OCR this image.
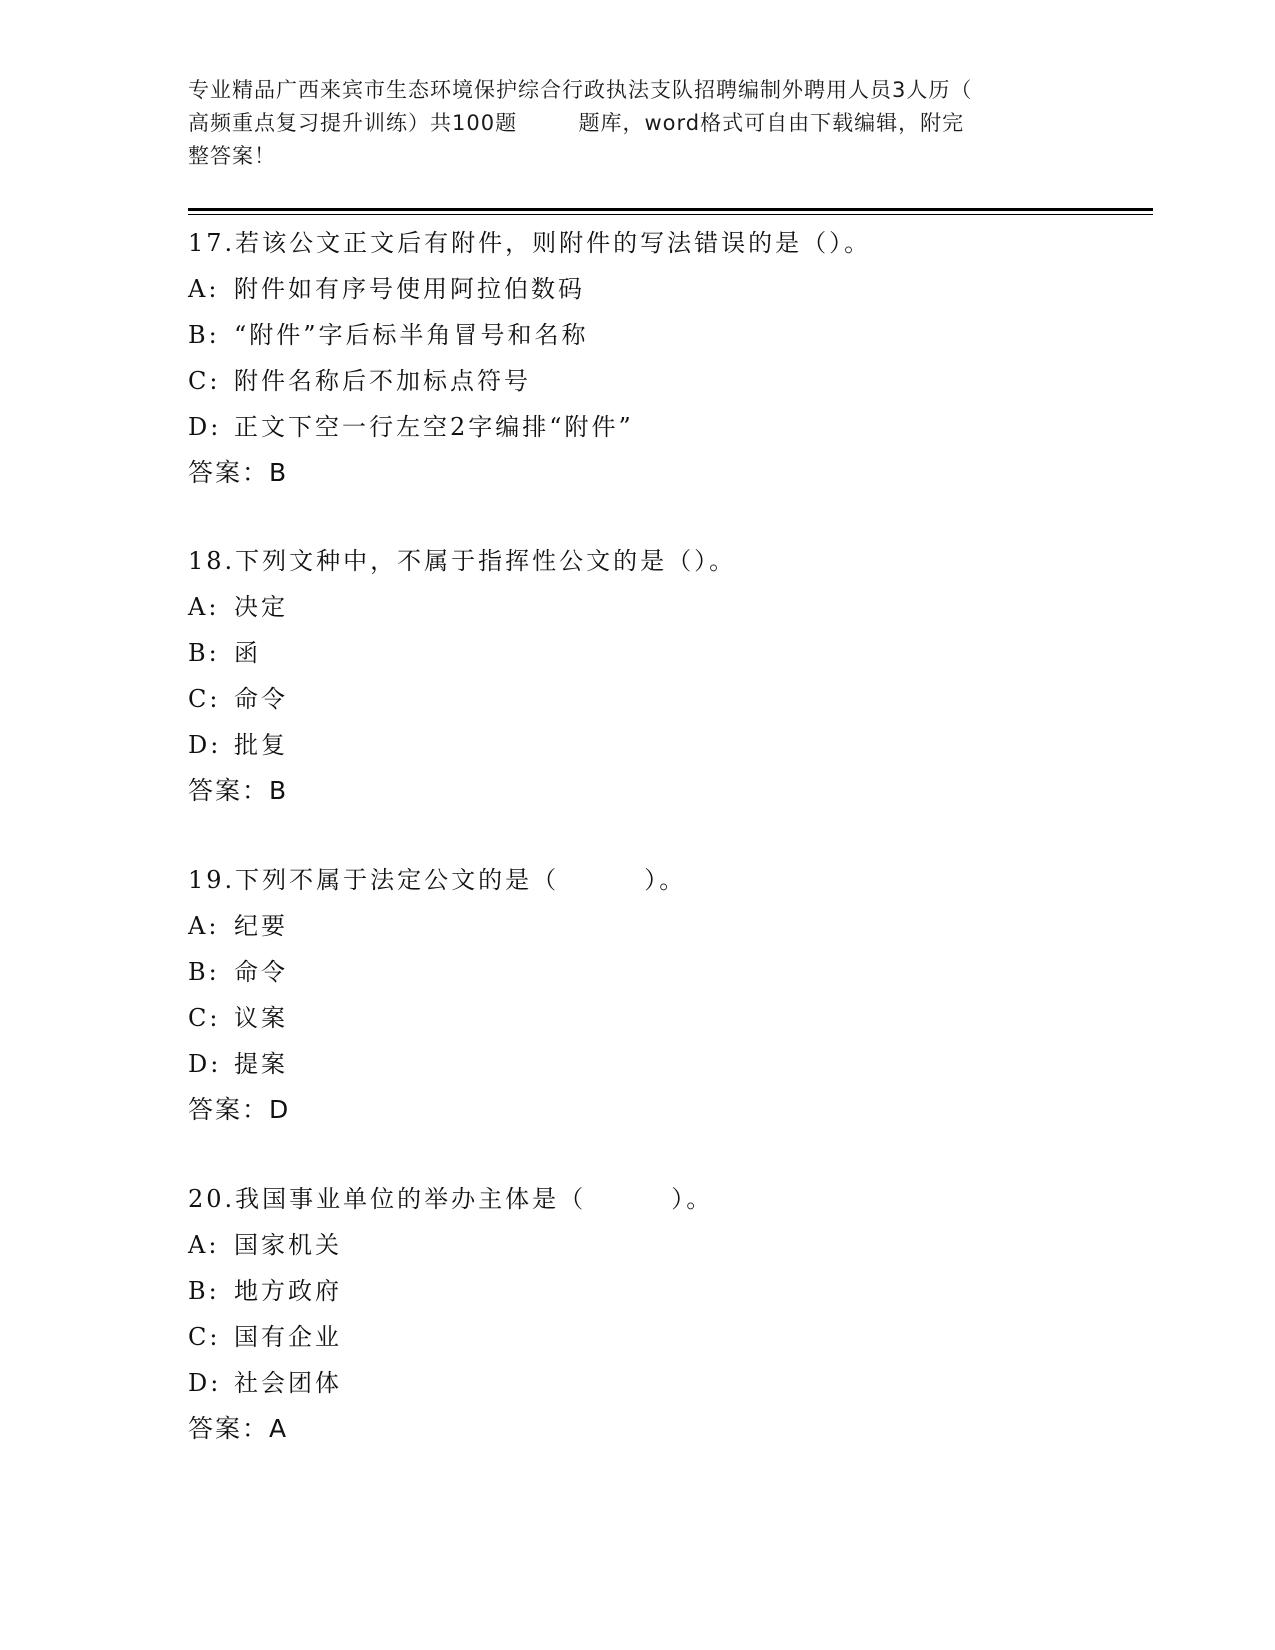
专业精品广西来宾市生态环境保护综合行政执法支队招聘编制外聘用人员3人历（
高频重点复习提升训练）共100题        题库，word格式可自由下载编辑，附完
整答案！
17.若该公文正文后有附件，则附件的写法错误的是（）。
A: 附件如有序号使用阿拉伯数码
B: “附件”字后标半角冒号和名称
C: 附件名称后不加标点符号
D: 正文下空一行左空2字编排“附件”
答案：B
18.下列文种中，不属于指挥性公文的是（）。
A: 决定
B: 函
C: 命令
D: 批复
答案：B
19.下列不属于法定公文的是（        ）。
A: 纪要
B: 命令
C: 议案
D: 提案
答案：D
20.我国事业单位的举办主体是（        ）。
A: 国家机关
B: 地方政府
C: 国有企业
D: 社会团体
答案：A
